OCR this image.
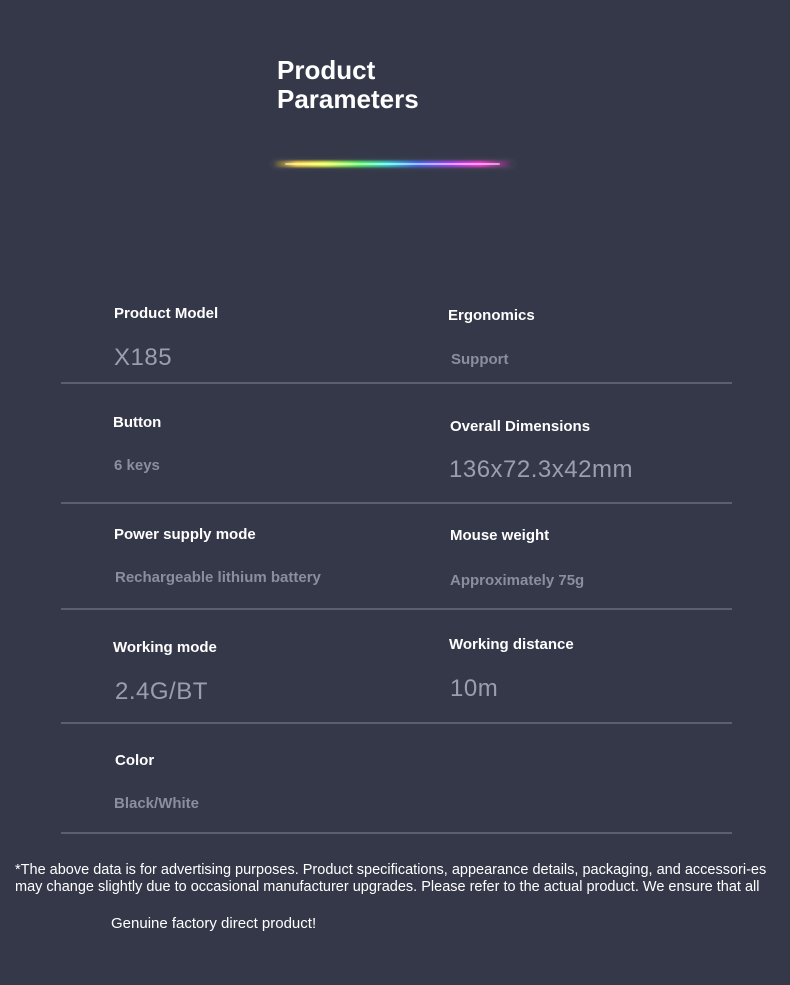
Product
Parameters
Product Model
X185
Ergonomics
Support
Button
6 keys
Overall Dimensions
136x72.3x42mm
Power supply mode
Rechargeable lithium battery
Mouse weight
Approximately 75g
Working mode
2.4G/BT
Working distance
10m
Color
Black/White
*The above data is for advertising purposes. Product specifications, appearance details, packaging, and accessori-es may change slightly due to occasional manufacturer upgrades. Please refer to the actual product. We ensure that all
Genuine factory direct product!
